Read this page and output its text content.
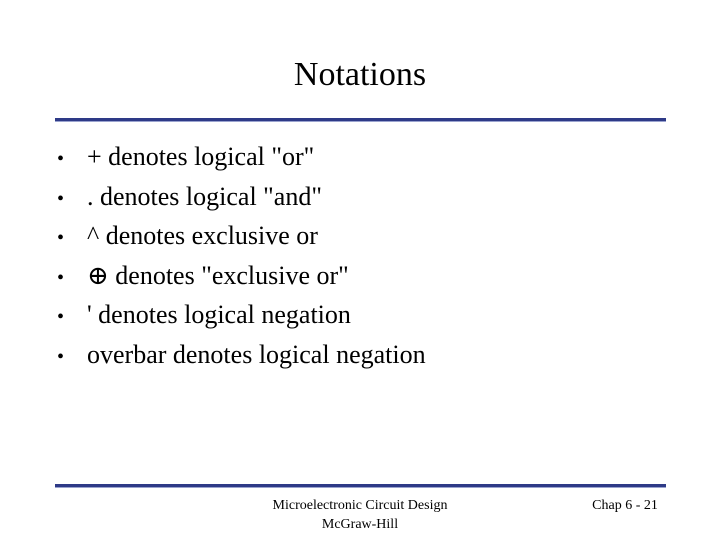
Notations
• + denotes logical "or"
• . denotes logical "and"
• ^ denotes exclusive or
• ⊕ denotes "exclusive or"
• ' denotes logical negation
• overbar denotes logical negation
Microelectronic Circuit Design
McGraw-Hill
Chap 6 - 21
